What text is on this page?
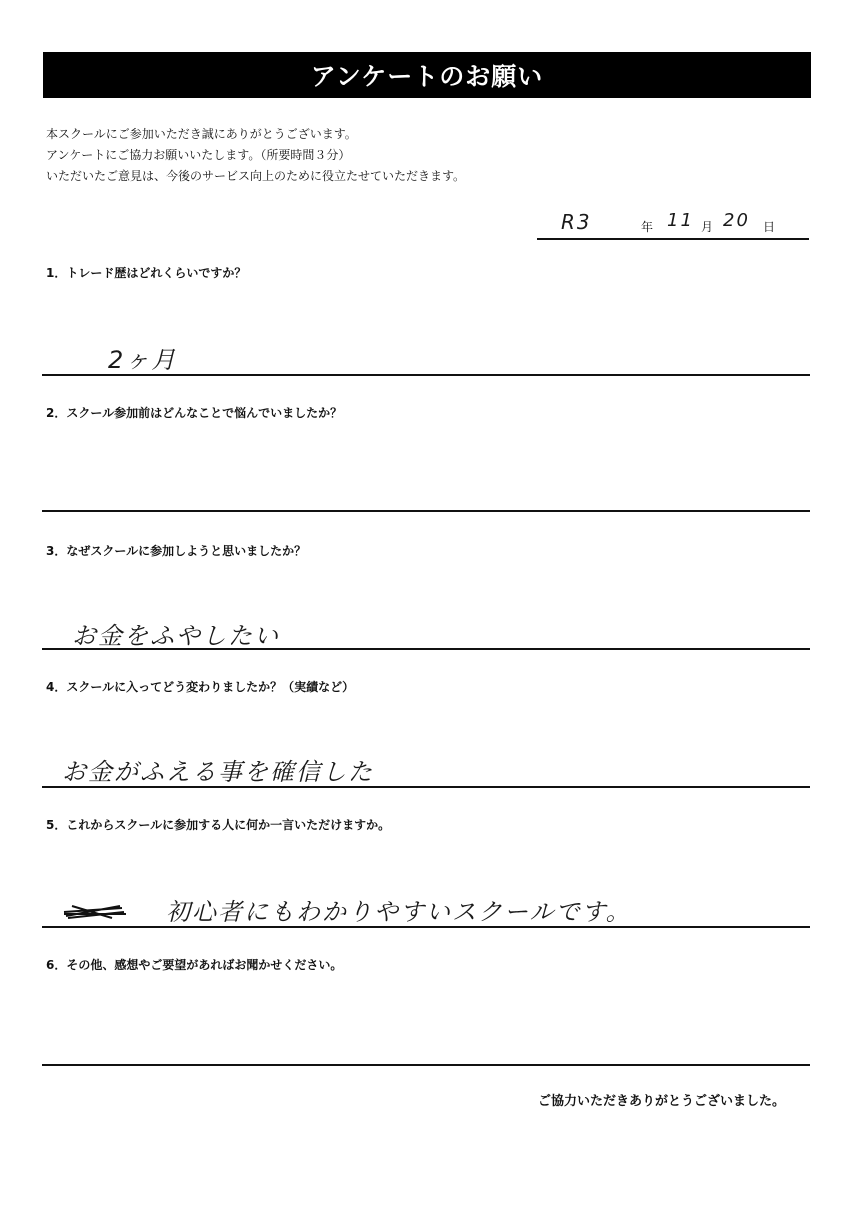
アンケートのお願い
本スクールにご参加いただき誠にありがとうございます。
アンケートにご協力お願いいたします。（所要時間３分）
いただいたご意見は、今後のサービス向上のために役立たせていただきます。
R3	年 11 月 20 日
1．トレード歴はどれくらいですか？
2ヶ月
2．スクール参加前はどんなことで悩んでいましたか？
3．なぜスクールに参加しようと思いましたか？
お金をふやしたい
4．スクールに入ってどう変わりましたか？（実績など）
お金がふえる事を確信した
5．これからスクールに参加する人に何か一言いただけますか。
初心者にもわかりやすいスクールです。
6．その他、感想やご要望があればお聞かせください。
ご協力いただきありがとうございました。
